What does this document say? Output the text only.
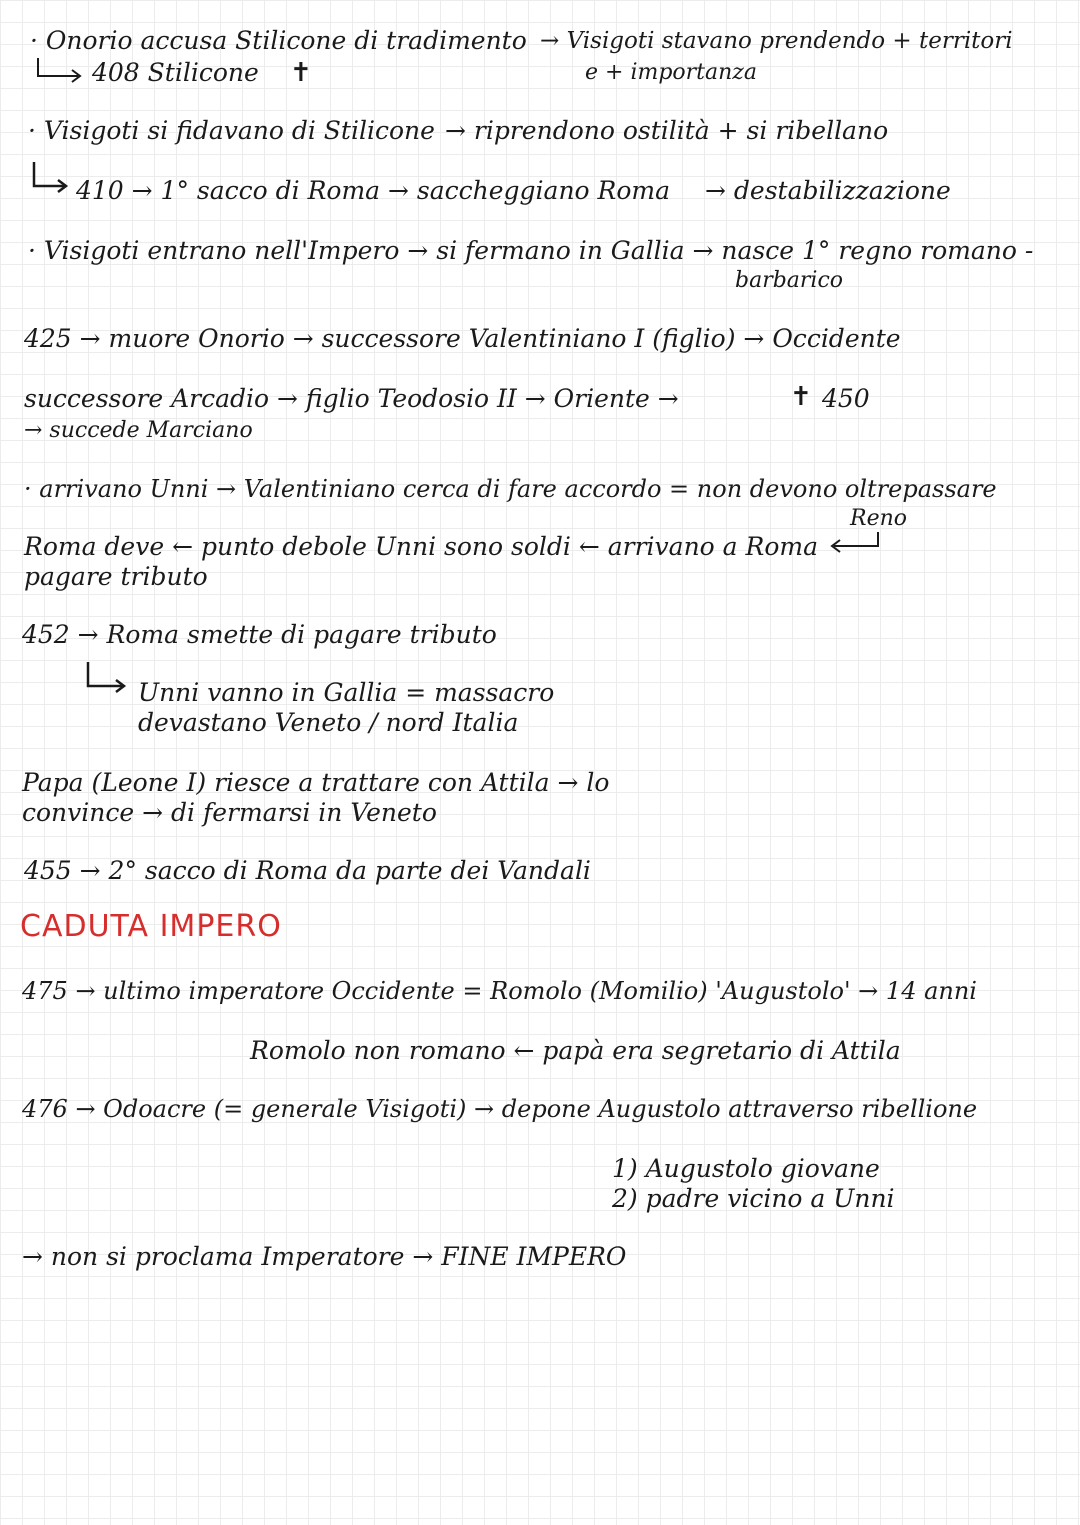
· Onorio accusa Stilicone di tradimento → Visigoti stavano prendendo + territori
e + importanza
408 Stilicone ✝
· Visigoti si fidavano di Stilicone → riprendono ostilità + si ribellano
410 → 1° sacco di Roma → saccheggiano Roma → destabilizzazione
· Visigoti entrano nell'Impero → si fermano in Gallia → nasce 1° regno romano -
barbarico
425 → muore Onorio → successore Valentiniano I (figlio) → Occidente
successore Arcadio → figlio Teodosio II → Oriente →	✝ 450
→ succede Marciano
· arrivano Unni → Valentiniano cerca di fare accordo = non devono oltrepassare
Reno
Roma deve ← punto debole Unni sono soldi ← arrivano a Roma
pagare tributo
452 → Roma smette di pagare tributo
Unni vanno in Gallia = massacro
devastano Veneto / nord Italia
Papa (Leone I) riesce a trattare con Attila → lo
convince → di fermarsi in Veneto
455 → 2° sacco di Roma da parte dei Vandali
CADUTA IMPERO
475 → ultimo imperatore Occidente = Romolo (Momilio) 'Augustolo' → 14 anni
Romolo non romano ← papà era segretario di Attila
476 → Odoacre (= generale Visigoti) → depone Augustolo attraverso ribellione
1) Augustolo giovane
2) padre vicino a Unni
→ non si proclama Imperatore → FINE IMPERO
